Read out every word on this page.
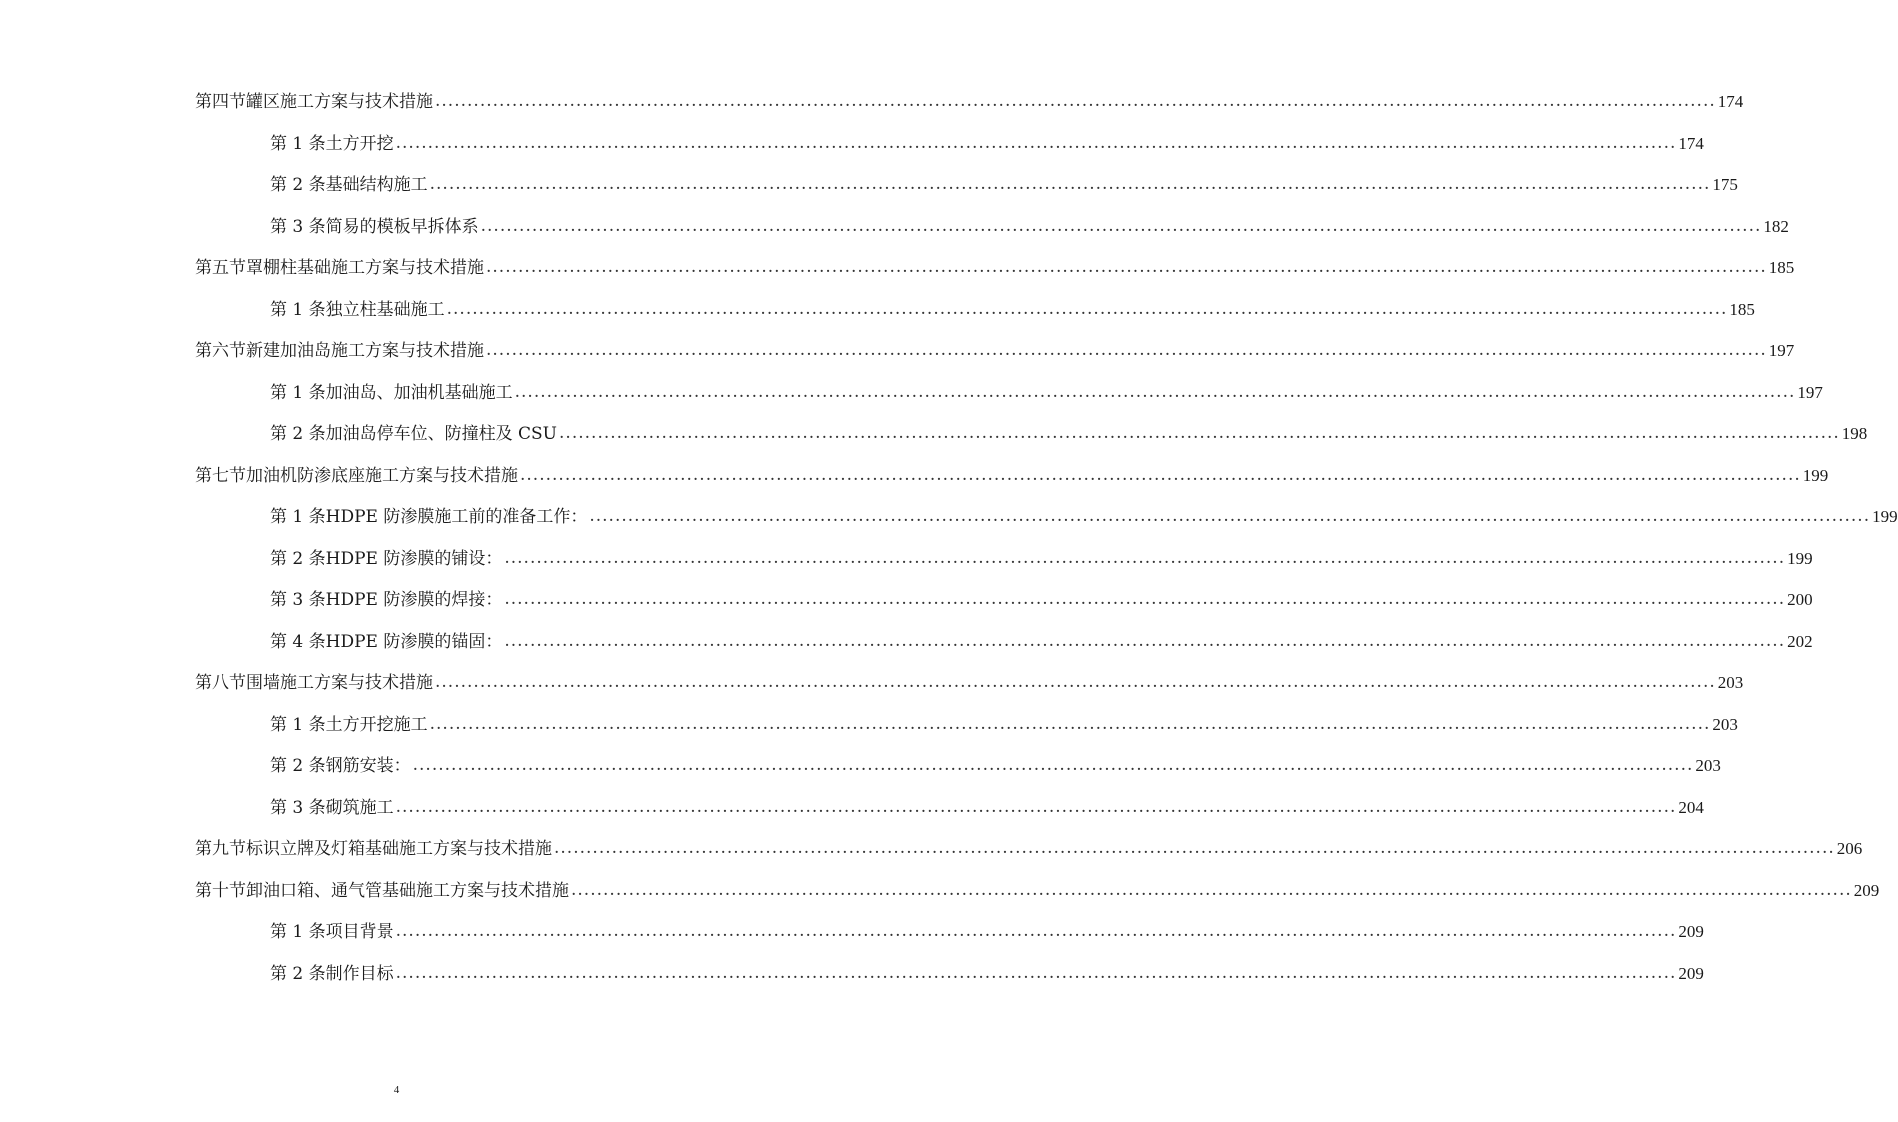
第四节 罐区施工方案与技术措施 ........................................................................................................................................................................................................ 174
第 1 条 土方开挖 ........................................................................................................................................................................................................ 174
第 2 条 基础结构施工 ........................................................................................................................................................................................................ 175
第 3 条 简易的模板早拆体系 ........................................................................................................................................................................................................ 182
第五节 罩棚柱基础施工方案与技术措施 ........................................................................................................................................................................................................ 185
第 1 条 独立柱基础施工 ........................................................................................................................................................................................................ 185
第六节 新建加油岛施工方案与技术措施 ........................................................................................................................................................................................................ 197
第 1 条 加油岛、加油机基础施工 ........................................................................................................................................................................................................ 197
第 2 条 加油岛停车位、防撞柱及 CSU ........................................................................................................................................................................................................ 198
第七节 加油机防渗底座施工方案与技术措施 ........................................................................................................................................................................................................ 199
第 1 条 HDPE 防渗膜施工前的准备工作： ........................................................................................................................................................................................................ 199
第 2 条 HDPE 防渗膜的铺设： ........................................................................................................................................................................................................ 199
第 3 条 HDPE 防渗膜的焊接： ........................................................................................................................................................................................................ 200
第 4 条 HDPE 防渗膜的锚固： ........................................................................................................................................................................................................ 202
第八节 围墙施工方案与技术措施 ........................................................................................................................................................................................................ 203
第 1 条 土方开挖施工 ........................................................................................................................................................................................................ 203
第 2 条 钢筋安装： ........................................................................................................................................................................................................ 203
第 3 条 砌筑施工 ........................................................................................................................................................................................................ 204
第九节 标识立牌及灯箱基础施工方案与技术措施 ........................................................................................................................................................................................................ 206
第十节 卸油口箱、通气管基础施工方案与技术措施 ........................................................................................................................................................................................................ 209
第 1 条 项目背景 ........................................................................................................................................................................................................ 209
第 2 条 制作目标 ........................................................................................................................................................................................................ 209
4
